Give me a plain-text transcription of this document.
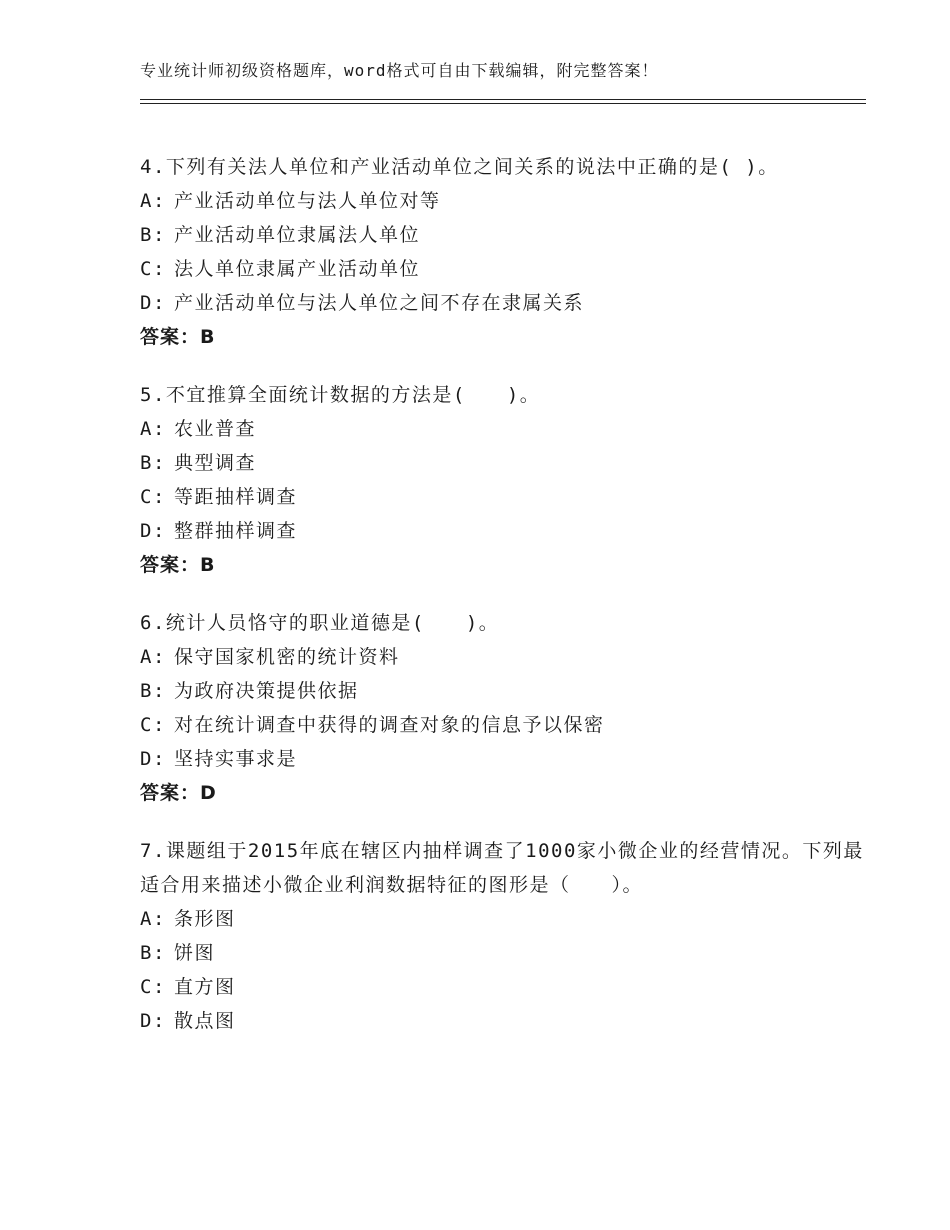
专业统计师初级资格题库，word格式可自由下载编辑，附完整答案！
4.下列有关法人单位和产业活动单位之间关系的说法中正确的是( )。
A: 产业活动单位与法人单位对等
B: 产业活动单位隶属法人单位
C: 法人单位隶属产业活动单位
D: 产业活动单位与法人单位之间不存在隶属关系
答案：B
5.不宜推算全面统计数据的方法是(　　)。
A: 农业普查
B: 典型调查
C: 等距抽样调查
D: 整群抽样调查
答案：B
6.统计人员恪守的职业道德是(　　)。
A: 保守国家机密的统计资料
B: 为政府决策提供依据
C: 对在统计调查中获得的调查对象的信息予以保密
D: 坚持实事求是
答案：D
7.课题组于2015年底在辖区内抽样调查了1000家小微企业的经营情况。下列最适合用来描述小微企业利润数据特征的图形是（　　）。
A: 条形图
B: 饼图
C: 直方图
D: 散点图
